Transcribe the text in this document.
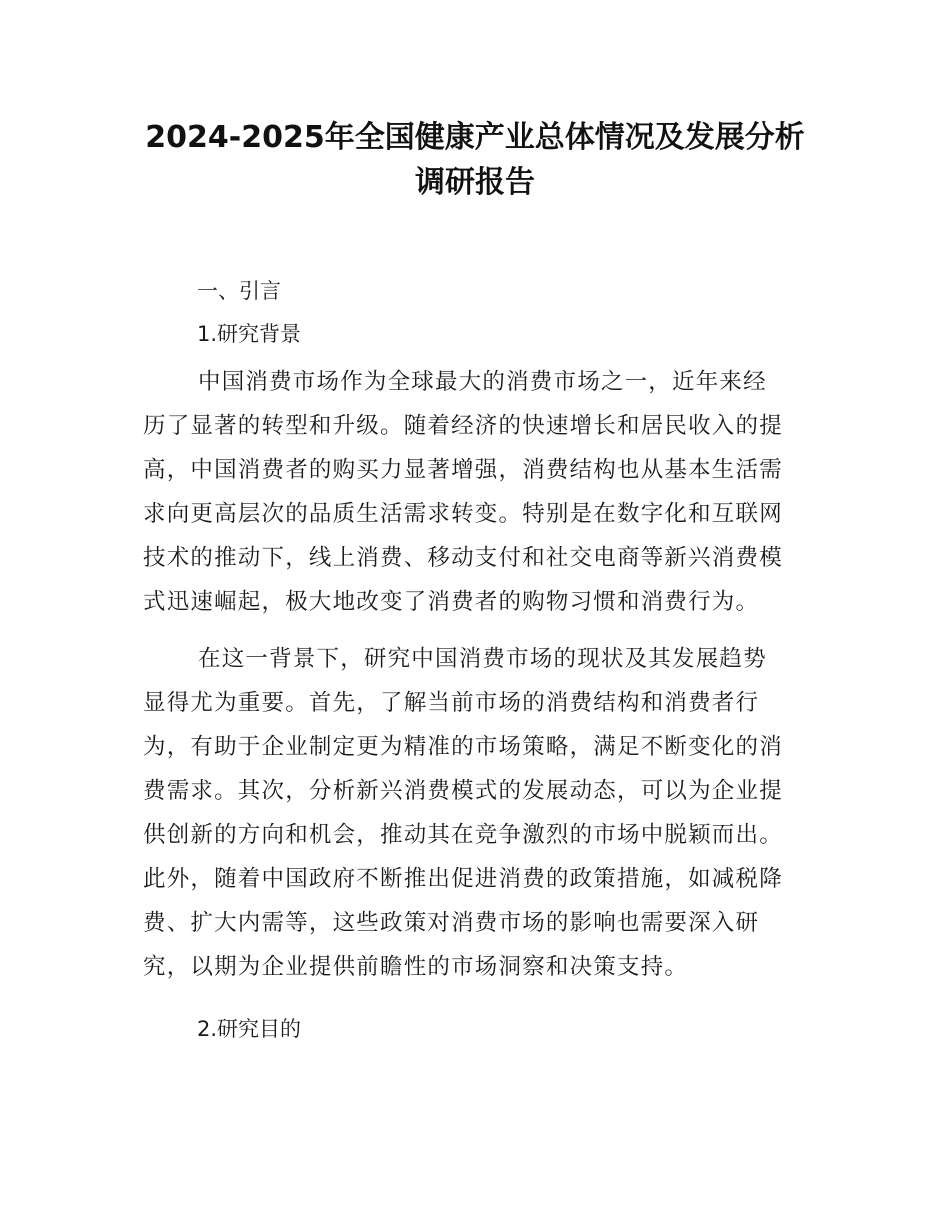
2024-2025年全国健康产业总体情况及发展分析
调研报告
一、引言
1.研究背景
中国消费市场作为全球最大的消费市场之一，近年来经
历了显著的转型和升级。随着经济的快速增长和居民收入的提
高，中国消费者的购买力显著增强，消费结构也从基本生活需
求向更高层次的品质生活需求转变。特别是在数字化和互联网
技术的推动下，线上消费、移动支付和社交电商等新兴消费模
式迅速崛起，极大地改变了消费者的购物习惯和消费行为。
在这一背景下，研究中国消费市场的现状及其发展趋势
显得尤为重要。首先，了解当前市场的消费结构和消费者行
为，有助于企业制定更为精准的市场策略，满足不断变化的消
费需求。其次，分析新兴消费模式的发展动态，可以为企业提
供创新的方向和机会，推动其在竞争激烈的市场中脱颖而出。
此外，随着中国政府不断推出促进消费的政策措施，如减税降
费、扩大内需等，这些政策对消费市场的影响也需要深入研
究，以期为企业提供前瞻性的市场洞察和决策支持。
2.研究目的
